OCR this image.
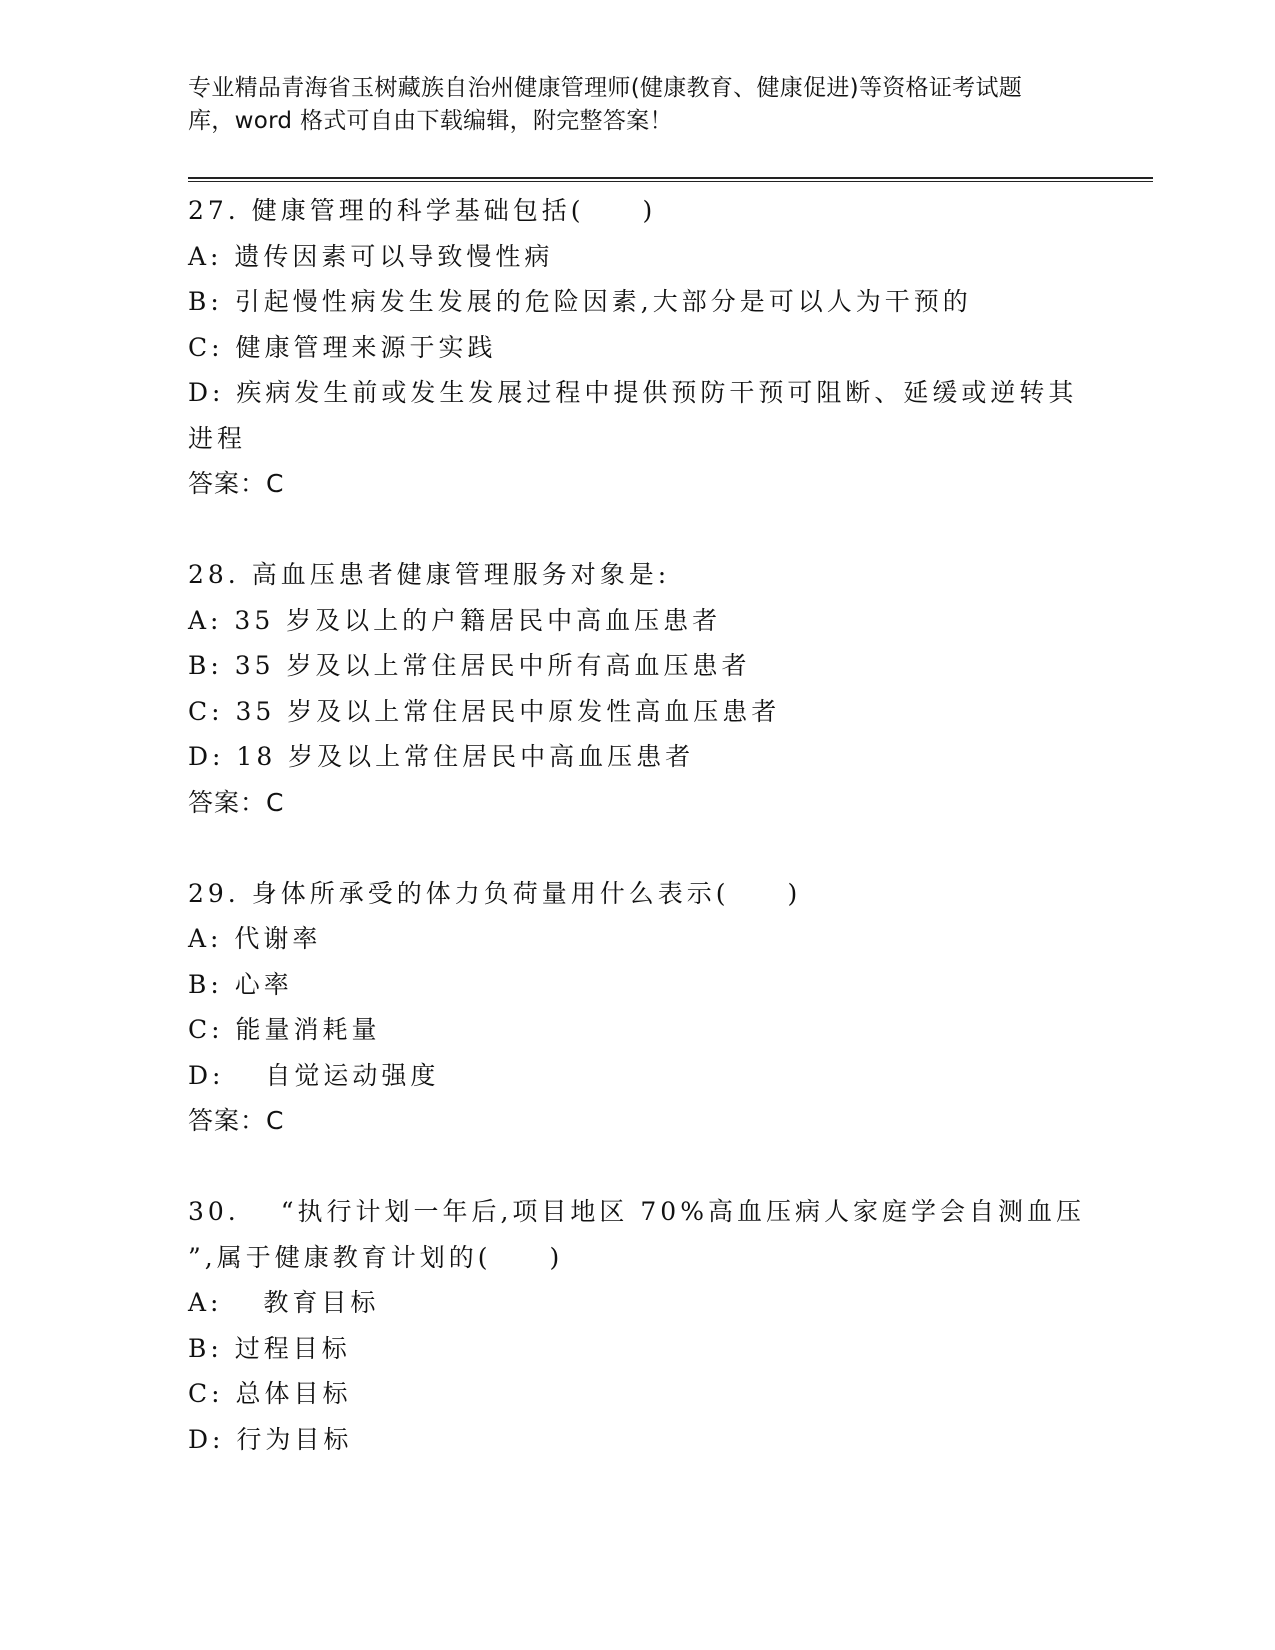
专业精品青海省玉树藏族自治州健康管理师(健康教育、健康促进)等资格证考试题
库，word 格式可自由下载编辑，附完整答案！
27. 健康管理的科学基础包括(　　)
A: 遗传因素可以导致慢性病
B: 引起慢性病发生发展的危险因素,大部分是可以人为干预的
C: 健康管理来源于实践
D: 疾病发生前或发生发展过程中提供预防干预可阻断、延缓或逆转其
进程
答案：C
28. 高血压患者健康管理服务对象是:
A: 35 岁及以上的户籍居民中高血压患者
B: 35 岁及以上常住居民中所有高血压患者
C: 35 岁及以上常住居民中原发性高血压患者
D: 18 岁及以上常住居民中高血压患者
答案：C
29. 身体所承受的体力负荷量用什么表示(　　)
A: 代谢率
B: 心率
C: 能量消耗量
D: 　自觉运动强度
答案：C
30. 　“执行计划一年后,项目地区 70%高血压病人家庭学会自测血压
”,属于健康教育计划的(　　)
A: 　教育目标
B: 过程目标
C: 总体目标
D: 行为目标
